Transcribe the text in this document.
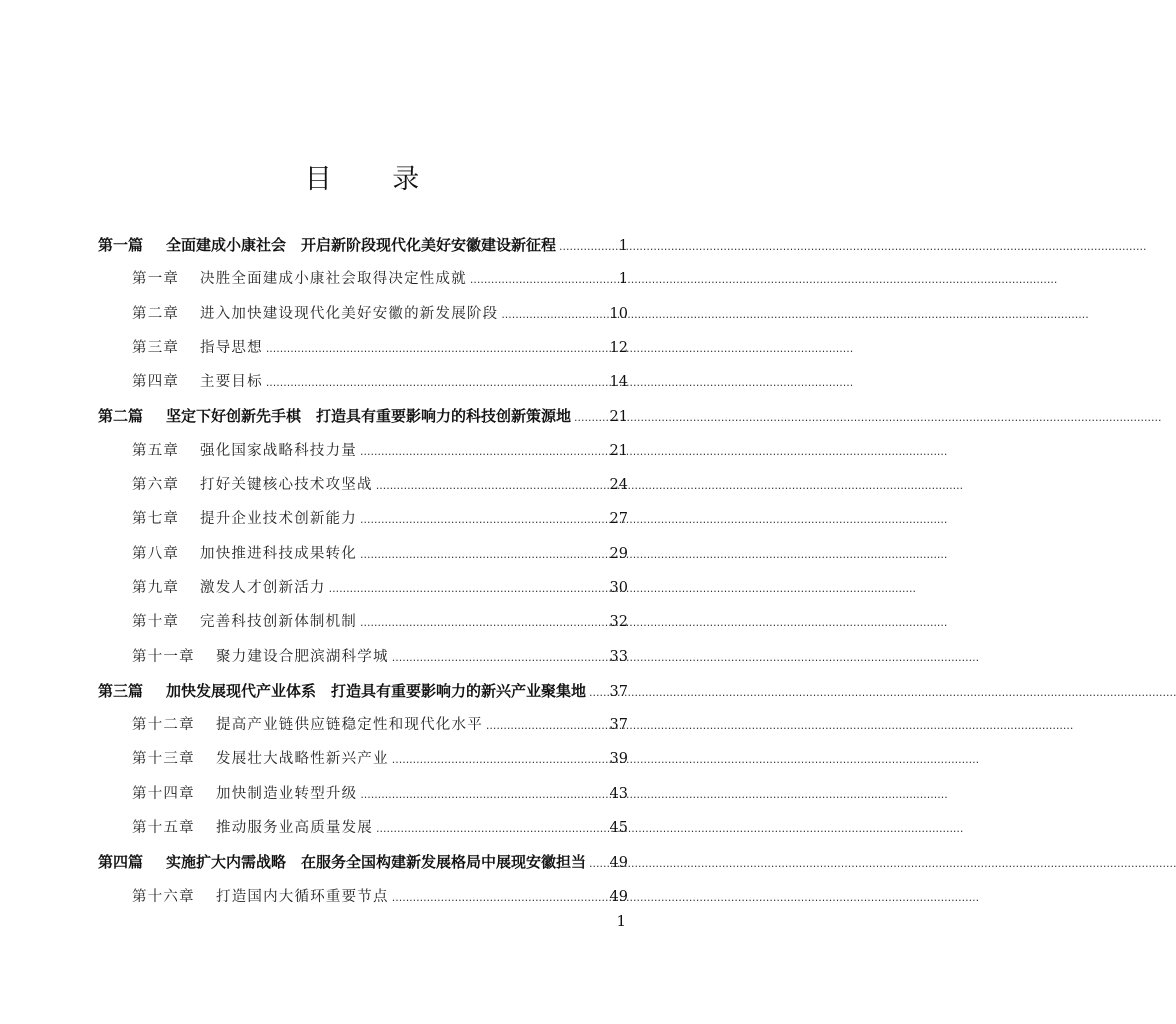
目 录
第一篇	全面建成小康社会　开启新阶段现代化美好安徽建设新征程 .....	1
第一章	决胜全面建成小康社会取得决定性成就 .....	1
第二章	进入加快建设现代化美好安徽的新发展阶段 .....	10
第三章	指导思想 .....	12
第四章	主要目标 .....	14
第二篇	坚定下好创新先手棋　打造具有重要影响力的科技创新策源地 .....	21
第五章	强化国家战略科技力量 .....	21
第六章	打好关键核心技术攻坚战 .....	24
第七章	提升企业技术创新能力 .....	27
第八章	加快推进科技成果转化 .....	29
第九章	激发人才创新活力 .....	30
第十章	完善科技创新体制机制 .....	32
第十一章	聚力建设合肥滨湖科学城 .....	33
第三篇	加快发展现代产业体系　打造具有重要影响力的新兴产业聚集地 ..... 37
第十二章	提高产业链供应链稳定性和现代化水平 .....	37
第十三章	发展壮大战略性新兴产业 .....	39
第十四章	加快制造业转型升级 .....	43
第十五章	推动服务业高质量发展 .....	45
第四篇	实施扩大内需战略　在服务全国构建新发展格局中展现安徽担当 ..... 49
第十六章	打造国内大循环重要节点 .....	49
1
